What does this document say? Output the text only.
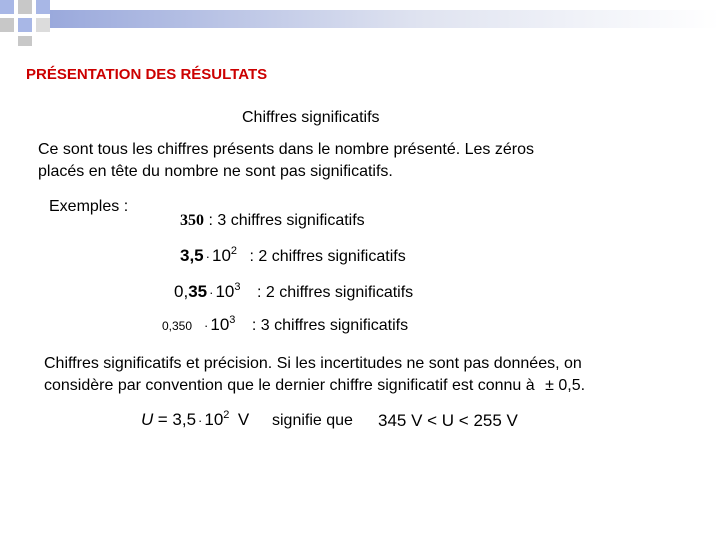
PRÉSENTATION DES RÉSULTATS
Chiffres significatifs
Ce sont tous les chiffres présents dans le nombre présenté. Les zéros
placés en tête du nombre ne sont pas significatifs.
Exemples :
350 : 3 chiffres significatifs
$3,5 \cdot 10^2$ : 2 chiffres significatifs
$0,35 \cdot 10^3$ : 2 chiffres significatifs
$0,350 \cdot 10^3$ : 3 chiffres significatifs
Chiffres significatifs et précision. Si les incertitudes ne sont pas données, on
considère par convention que le dernier chiffre significatif est connu à ± 0,5.
$U = 3,5 \cdot 10^2$ V signifie que 345 V < U < 255 V
